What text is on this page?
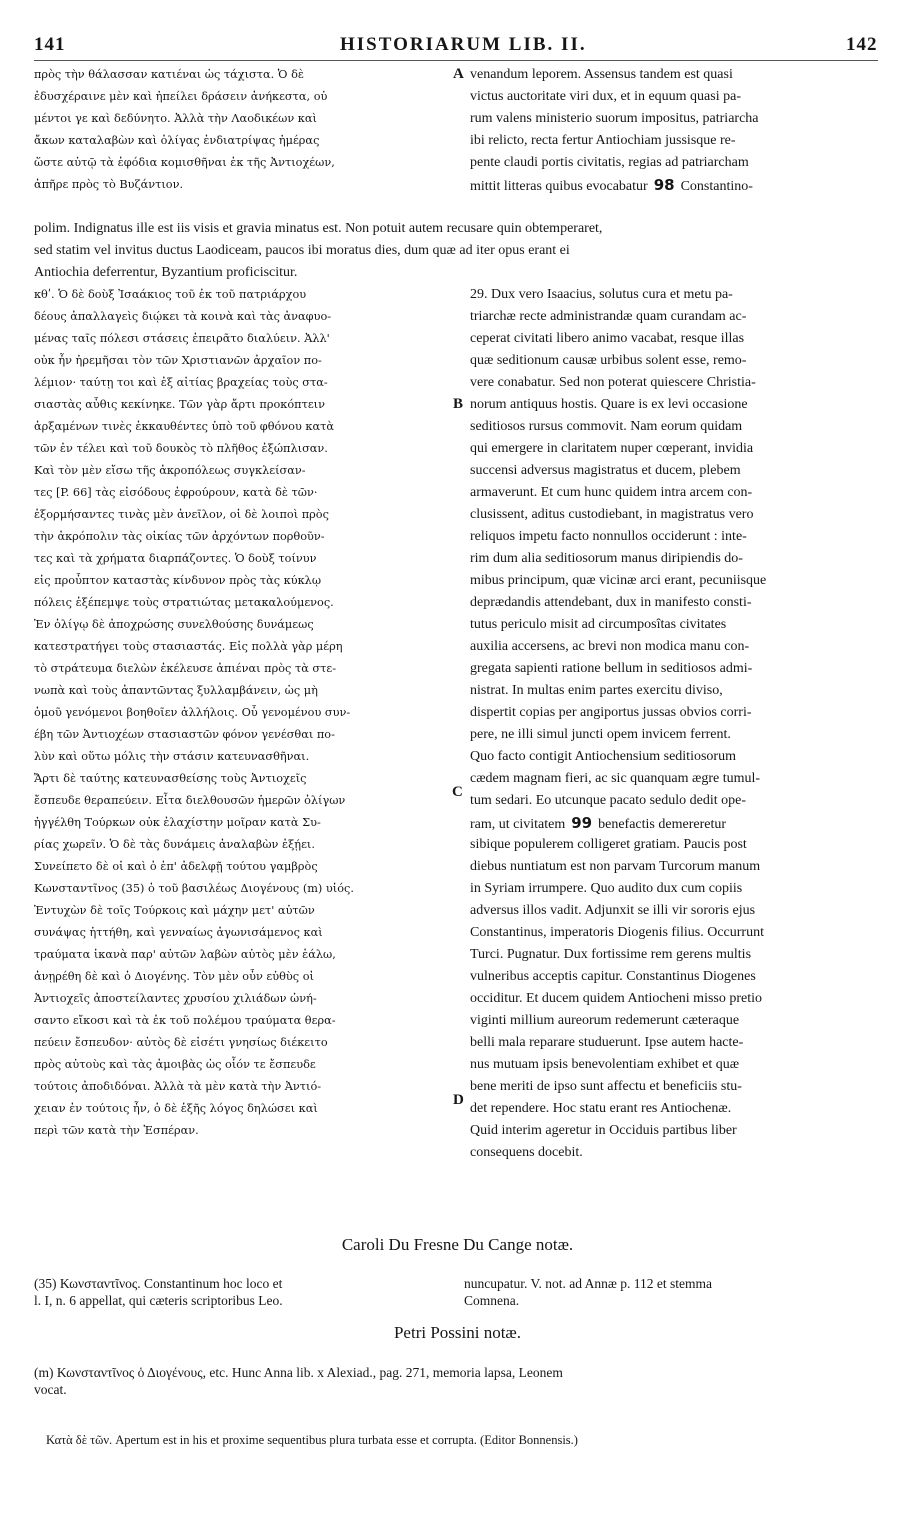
141	HISTORIARUM LIB. II.	142
πρὸς τὴν θάλασσαν κατιέναι ὡς τάχιστα. Ὁ δὲ
ἐδυσχέραινε μὲν καὶ ἠπείλει δράσειν ἀνήκεστα, οὐ
μέντοι γε καὶ δεδύνητο. Ἀλλὰ τὴν Λαοδικέων καὶ
ἄκων καταλαβὼν καὶ ὀλίγας ἐνδιατρίψας ἡμέρας
ὥστε αὐτῷ τὰ ἐφόδια κομισθῆναι ἐκ τῆς Ἀντιοχέων,
ἀπῆρε πρὸς τὸ Βυζάντιον.
venandum leporem. Assensus tandem est quasi
victus auctoritate viri dux, et in equum quasi pa-
rum valens ministerio suorum impositus, patriarcha
ibi relicto, recta fertur Antiochiam jussisque re-
pente claudi portis civitatis, regias ad patriarcham
mittit litteras quibus evocabatur 98 Constantino-
A
polim. Indignatus ille est iis visis et gravia minatus est. Non potuit autem recusare quin obtemperaret,
sed statim vel invitus ductus Laodiceam, paucos ibi moratus dies, dum quæ ad iter opus erant ei
Antiochia deferrentur, Byzantium proficiscitur.
κθʹ. Ὁ δὲ δοὺξ Ἰσαάκιος τοῦ ἐκ τοῦ πατριάρχου
δέους ἀπαλλαγεὶς διῴκει τὰ κοινὰ καὶ τὰς ἀναφυο-
μένας ταῖς πόλεσι στάσεις ἐπειρᾶτο διαλύειν. Ἀλλ'
οὐκ ἦν ἠρεμῆσαι τὸν τῶν Χριστιανῶν ἀρχαῖον πο-
λέμιον· ταύτῃ τοι καὶ ἐξ αἰτίας βραχείας τοὺς στα-
σιαστὰς αὖθις κεκίνηκε. Τῶν γὰρ ἄρτι προκόπτειν
ἀρξαμένων τινὲς ἐκκαυθέντες ὑπὸ τοῦ φθόνου κατὰ
τῶν ἐν τέλει καὶ τοῦ δουκὸς τὸ πλῆθος ἐξώπλισαν.
Καὶ τὸν μὲν εἴσω τῆς ἀκροπόλεως συγκλείσαν-
τες [P. 66] τὰς εἰσόδους ἐφρούρουν, κατὰ δὲ τῶν·
ἐξορμήσαντες τινὰς μὲν ἀνεῖλον, οἱ δὲ λοιποὶ πρὸς
τὴν ἀκρόπολιν τὰς οἰκίας τῶν ἀρχόντων πορθοῦν-
τες καὶ τὰ χρήματα διαρπάζοντες. Ὁ δοὺξ τοίνυν
εἰς προὖπτον καταστὰς κίνδυνον πρὸς τὰς κύκλῳ
πόλεις ἐξέπεμψε τοὺς στρατιώτας μετακαλούμενος.
Ἐν ὀλίγῳ δὲ ἀποχρώσης συνελθούσης δυνάμεως
κατεστρατήγει τοὺς στασιαστάς. Εἰς πολλὰ γὰρ μέρη
τὸ στράτευμα διελὼν ἐκέλευσε ἀπιέναι πρὸς τὰ στε-
νωπὰ καὶ τοὺς ἀπαντῶντας ξυλλαμβάνειν, ὡς μὴ
ὁμοῦ γενόμενοι βοηθοῖεν ἀλλήλοις. Οὗ γενομένου συν-
έβη τῶν Ἀντιοχέων στασιαστῶν φόνον γενέσθαι πο-
λὺν καὶ οὕτω μόλις τὴν στάσιν κατευνασθῆναι.
Ἄρτι δὲ ταύτης κατευνασθείσης τοὺς Ἀντιοχεῖς
ἔσπευδε θεραπεύειν. Εἶτα διελθουσῶν ἡμερῶν ὀλίγων
ἠγγέλθη Τούρκων οὐκ ἐλαχίστην μοῖραν κατὰ Συ-
ρίας χωρεῖν. Ὁ δὲ τὰς δυνάμεις ἀναλαβὼν ἐξῄει.
Συνείπετο δὲ οἱ καὶ ὁ ἐπ' ἀδελφῇ τούτου γαμβρὸς
Κωνσταντῖνος (35) ὁ τοῦ βασιλέως Διογένους (m) υἱός.
Ἐντυχὼν δὲ τοῖς Τούρκοις καὶ μάχην μετ' αὐτῶν
συνάψας ἡττήθη, καὶ γενναίως ἀγωνισάμενος καὶ
τραύματα ἱκανὰ παρ' αὐτῶν λαβὼν αὐτὸς μὲν ἑάλω,
ἀνῃρέθη δὲ καὶ ὁ Διογένης. Τὸν μὲν οὖν εὐθὺς οἱ
Ἀντιοχεῖς ἀποστείλαντες χρυσίου χιλιάδων ὠνή-
σαντο εἴκοσι καὶ τὰ ἐκ τοῦ πολέμου τραύματα θερα-
πεύειν ἔσπευδον· αὐτὸς δὲ εἰσέτι γνησίως διέκειτο
πρὸς αὐτοὺς καὶ τὰς ἀμοιβὰς ὡς οἷόν τε ἔσπευδε
τούτοις ἀποδιδόναι. Ἀλλὰ τὰ μὲν κατὰ τὴν Ἀντιό-
χειαν ἐν τούτοις ἦν, ὁ δὲ ἑξῆς λόγος δηλώσει καὶ
περὶ τῶν κατὰ τὴν Ἑσπέραν.
29. Dux vero Isaacius, solutus cura et metu pa-
triarchæ recte administrandæ quam curandam ac-
ceperat civitati libero animo vacabat, resque illas
quæ seditionum causæ urbibus solent esse, remo-
vere conabatur. Sed non poterat quiescere Christia-
norum antiquus hostis. Quare is ex levi occasione
seditiosos rursus commovit. Nam eorum quidam
qui emergere in claritatem nuper cœperant, invidia
succensi adversus magistratus et ducem, plebem
armaverunt. Et cum hunc quidem intra arcem con-
clusissent, aditus custodiebant, in magistratus vero
reliquos impetu facto nonnullos occiderunt : inte-
rim dum alia seditiosorum manus diripiendis do-
mibus principum, quæ vicinæ arci erant, pecuniisque
deprædandis attendebant, dux in manifesto consti-
tutus periculo misit ad circumposîtas civitates
auxilia accersens, ac brevi non modica manu con-
gregata sapienti ratione bellum in seditiosos admi-
nistrat. In multas enim partes exercitu diviso,
dispertit copias per angiportus jussas obvios corri-
pere, ne illi simul juncti opem invicem ferrent.
Quo facto contigit Antiochensium seditiosorum
cædem magnam fieri, ac sic quanquam ægre tumul-
tum sedari. Eo utcunque pacato sedulo dedit ope-
ram, ut civitatem 99 benefactis demereretur
sibique populerem colligeret gratiam. Paucis post
diebus nuntiatum est non parvam Turcorum manum
in Syriam irrumpere. Quo audito dux cum copiis
adversus illos vadit. Adjunxit se illi vir sororis ejus
Constantinus, imperatoris Diogenis filius. Occurrunt
Turci. Pugnatur. Dux fortissime rem gerens multis
vulneribus acceptis capitur. Constantinus Diogenes
occiditur. Et ducem quidem Antiocheni misso pretio
viginti millium aureorum redemerunt cæteraque
belli mala reparare studuerunt. Ipse autem hacte-
nus mutuam ipsis benevolentiam exhibet et quæ
bene meriti de ipso sunt affectu et beneficiis stu-
det rependere. Hoc statu erant res Antiochenæ.
Quid interim ageretur in Occiduis partibus liber
consequens docebit.
B
C
D
Caroli Du Fresne Du Cange notæ.
(35) Κωνσταντῖνος. Constantinum hoc loco et	nuncupatur. V. not. ad Annæ p. 112 et stemma
l. I, n. 6 appellat, qui cæteris scriptoribus Leo.	Comnena.
Petri Possini notæ.
(m) Κωνσταντῖνος ὁ Διογένους, etc. Hunc Anna lib. x Alexiad., pag. 271, memoria lapsa, Leonem
vocat.
Κατὰ δὲ τῶν. Apertum est in his et proxime sequentibus plura turbata esse et corrupta. (Editor Bonnensis.)
